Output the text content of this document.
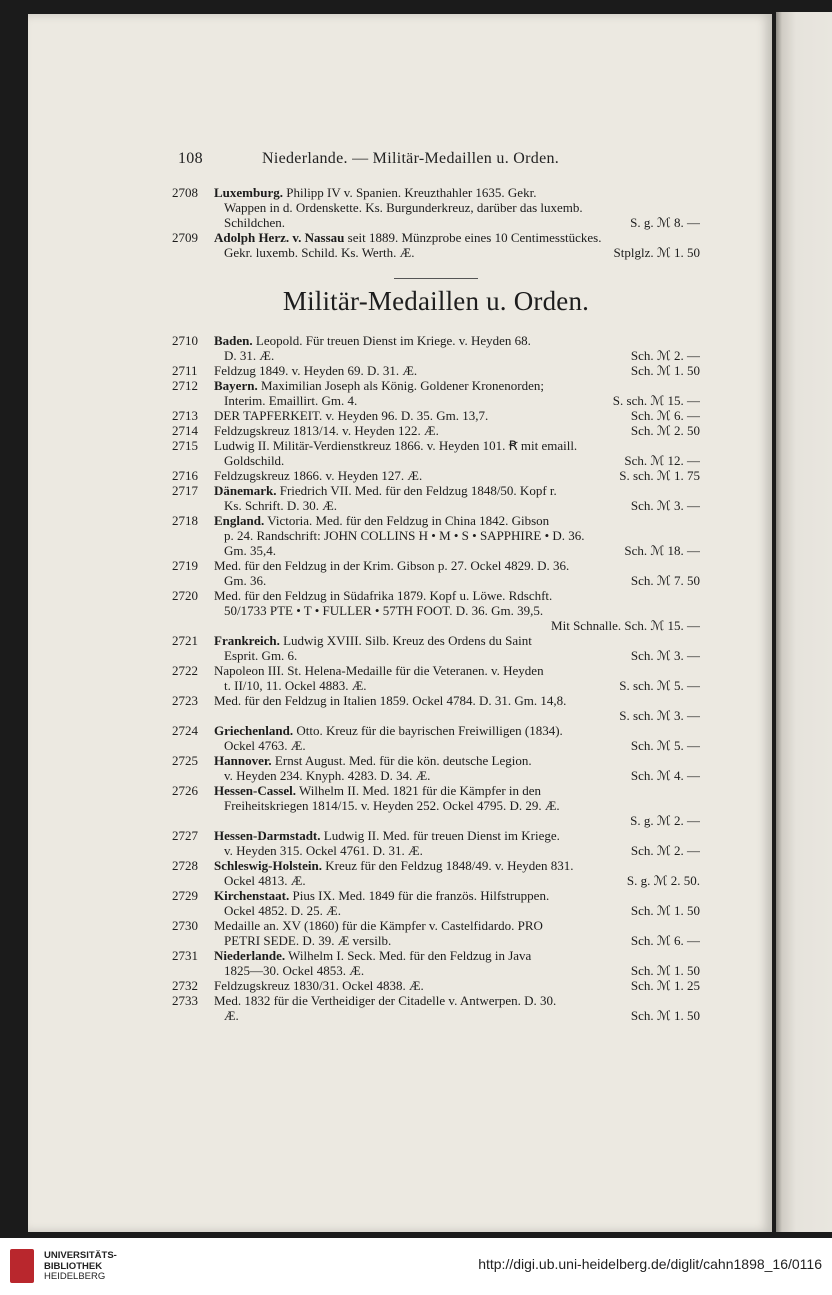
108	Niederlande. — Militär-Medaillen u. Orden.
2708	Luxemburg. Philipp IV v. Spanien. Kreuzthahler 1635. Gekr.
Wappen in d. Ordenskette. Ks. Burgunderkreuz, darüber das luxemb.
Schildchen.	S. g. ℳ 8. —
2709	Adolph Herz. v. Nassau seit 1889. Münzprobe eines 10 Centimesstückes.
Gekr. luxemb. Schild. Ks. Werth. Æ.	Stplglz. ℳ 1. 50
Militär-Medaillen u. Orden.
2710	Baden. Leopold. Für treuen Dienst im Kriege. v. Heyden 68.
D. 31. Æ.	Sch. ℳ 2. —
2711	Feldzug 1849. v. Heyden 69. D. 31. Æ.	Sch. ℳ 1. 50
2712	Bayern. Maximilian Joseph als König. Goldener Kronenorden;
Interim. Emaillirt. Gm. 4.	S. sch. ℳ 15. —
2713	DER TAPFERKEIT. v. Heyden 96. D. 35. Gm. 13,7.	Sch. ℳ 6. —
2714	Feldzugskreuz 1813/14. v. Heyden 122. Æ.	Sch. ℳ 2. 50
2715	Ludwig II. Militär-Verdienstkreuz 1866. v. Heyden 101. Ꞧ mit emaill.
Goldschild.	Sch. ℳ 12. —
2716	Feldzugskreuz 1866. v. Heyden 127. Æ.	S. sch. ℳ 1. 75
2717	Dänemark. Friedrich VII. Med. für den Feldzug 1848/50. Kopf r.
Ks. Schrift. D. 30. Æ.	Sch. ℳ 3. —
2718	England. Victoria. Med. für den Feldzug in China 1842. Gibson
p. 24. Randschrift: JOHN COLLINS H • M • S • SAPPHIRE • D. 36.
Gm. 35,4.	Sch. ℳ 18. —
2719	Med. für den Feldzug in der Krim. Gibson p. 27. Ockel 4829. D. 36.
Gm. 36.	Sch. ℳ 7. 50
2720	Med. für den Feldzug in Südafrika 1879. Kopf u. Löwe. Rdschft.
50/1733 PTE • T • FULLER • 57TH FOOT. D. 36. Gm. 39,5.
Mit Schnalle. Sch. ℳ 15. —
2721	Frankreich. Ludwig XVIII. Silb. Kreuz des Ordens du Saint
Esprit. Gm. 6.	Sch. ℳ 3. —
2722	Napoleon III. St. Helena-Medaille für die Veteranen. v. Heyden
t. II/10, 11. Ockel 4883. Æ.	S. sch. ℳ 5. —
2723	Med. für den Feldzug in Italien 1859. Ockel 4784. D. 31. Gm. 14,8.
S. sch. ℳ 3. —
2724	Griechenland. Otto. Kreuz für die bayrischen Freiwilligen (1834).
Ockel 4763. Æ.	Sch. ℳ 5. —
2725	Hannover. Ernst August. Med. für die kön. deutsche Legion.
v. Heyden 234. Knyph. 4283. D. 34. Æ.	Sch. ℳ 4. —
2726	Hessen-Cassel. Wilhelm II. Med. 1821 für die Kämpfer in den
Freiheitskriegen 1814/15. v. Heyden 252. Ockel 4795. D. 29. Æ.
S. g. ℳ 2. —
2727	Hessen-Darmstadt. Ludwig II. Med. für treuen Dienst im Kriege.
v. Heyden 315. Ockel 4761. D. 31. Æ.	Sch. ℳ 2. —
2728	Schleswig-Holstein. Kreuz für den Feldzug 1848/49. v. Heyden 831.
Ockel 4813. Æ.	S. g. ℳ 2. 50.
2729	Kirchenstaat. Pius IX. Med. 1849 für die französ. Hilfstruppen.
Ockel 4852. D. 25. Æ.	Sch. ℳ 1. 50
2730	Medaille an. XV (1860) für die Kämpfer v. Castelfidardo. PRO
PETRI SEDE. D. 39. Æ versilb.	Sch. ℳ 6. —
2731	Niederlande. Wilhelm I. Seck. Med. für den Feldzug in Java
1825—30. Ockel 4853. Æ.	Sch. ℳ 1. 50
2732	Feldzugskreuz 1830/31. Ockel 4838. Æ.	Sch. ℳ 1. 25
2733	Med. 1832 für die Vertheidiger der Citadelle v. Antwerpen. D. 30.
Æ.	Sch. ℳ 1. 50
UNIVERSITÄTS-
BIBLIOTHEK
HEIDELBERG
http://digi.ub.uni-heidelberg.de/diglit/cahn1898_16/0116
